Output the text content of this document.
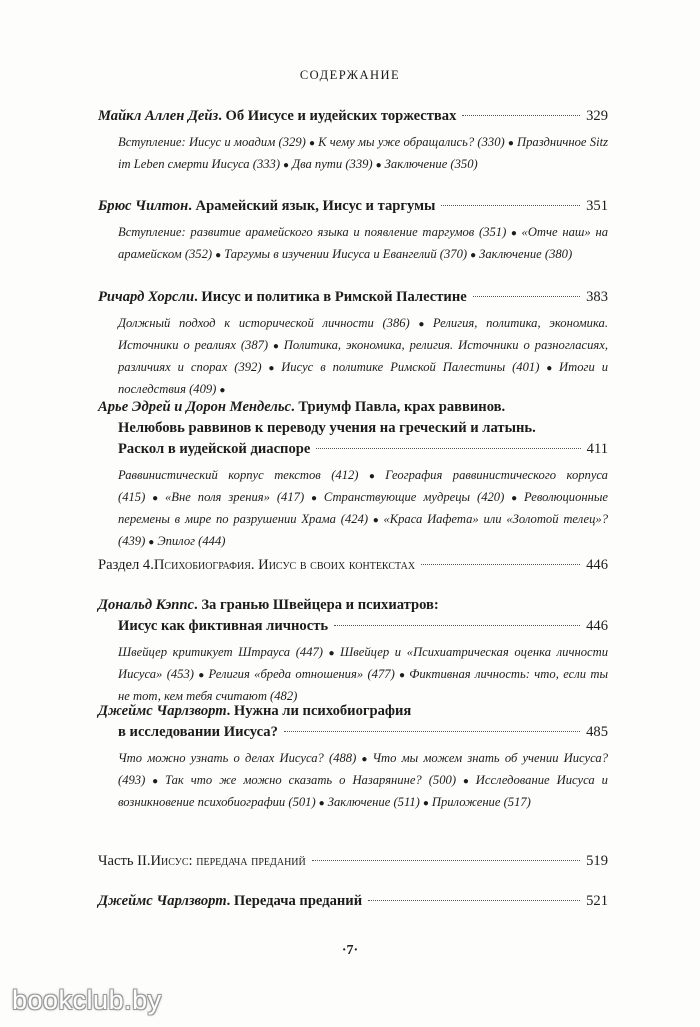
СОДЕРЖАНИЕ
Майкл Аллен Дейз . Об Иисусе и иудейских торжествах	329
Вступление: Иисус и моадим (329) ● К чему мы уже обращались? (330) ● Праздничное Sitz im Leben смерти Иисуса (333) ● Два пути (339) ● Заключение (350)
Брюс Чилтон . Арамейский язык, Иисус и таргумы	351
Вступление: развитие арамейского языка и появление таргумов (351) ● «Отче наш» на арамейском (352) ● Таргумы в изучении Иисуса и Евангелий (370) ● Заключение (380)
Ричард Хорсли . Иисус и политика в Римской Палестине	383
Должный подход к исторической личности (386) ● Религия, политика, экономика. Источники о реалиях (387) ● Политика, экономика, религия. Источники о разногласиях, различиях и спорах (392) ● Иисус в политике Римской Палестины (401) ● Итоги и последствия (409) ●
Арье Эдрей и Дорон Мендельс. Триумф Павла, крах раввинов.
Нелюбовь раввинов к переводу учения на греческий и латынь.
Раскол в иудейской диаспоре	411
Раввинистический корпус текстов (412) ● География раввинистического корпуса (415) ● «Вне поля зрения» (417) ● Странствующие мудрецы (420) ● Революционные перемены в мире по разрушении Храма (424) ● «Краса Иафета» или «Золотой телец»? (439) ● Эпилог (444)
Раздел 4. Психобиография. Иисус в своих контекстах	446
Дональд Кэппс. За гранью Швейцера и психиатров:
Иисус как фиктивная личность	446
Швейцер критикует Штрауса (447) ● Швейцер и «Психиатрическая оценка личности Иисуса» (453) ● Религия «бреда отношения» (477) ● Фиктивная личность: что, если ты не тот, кем тебя считают (482)
Джеймс Чарлзворт. Нужна ли психобиография
в исследовании Иисуса?	485
Что можно узнать о делах Иисуса? (488) ● Что мы можем знать об учении Иисуса? (493) ● Так что же можно сказать о Назарянине? (500) ● Исследование Иисуса и возникновение психобиографии (501) ● Заключение (511) ● Приложение (517)
Часть II. Иисус: передача преданий	519
Джеймс Чарлзворт . Передача преданий	521
·7·
bookclub.by
